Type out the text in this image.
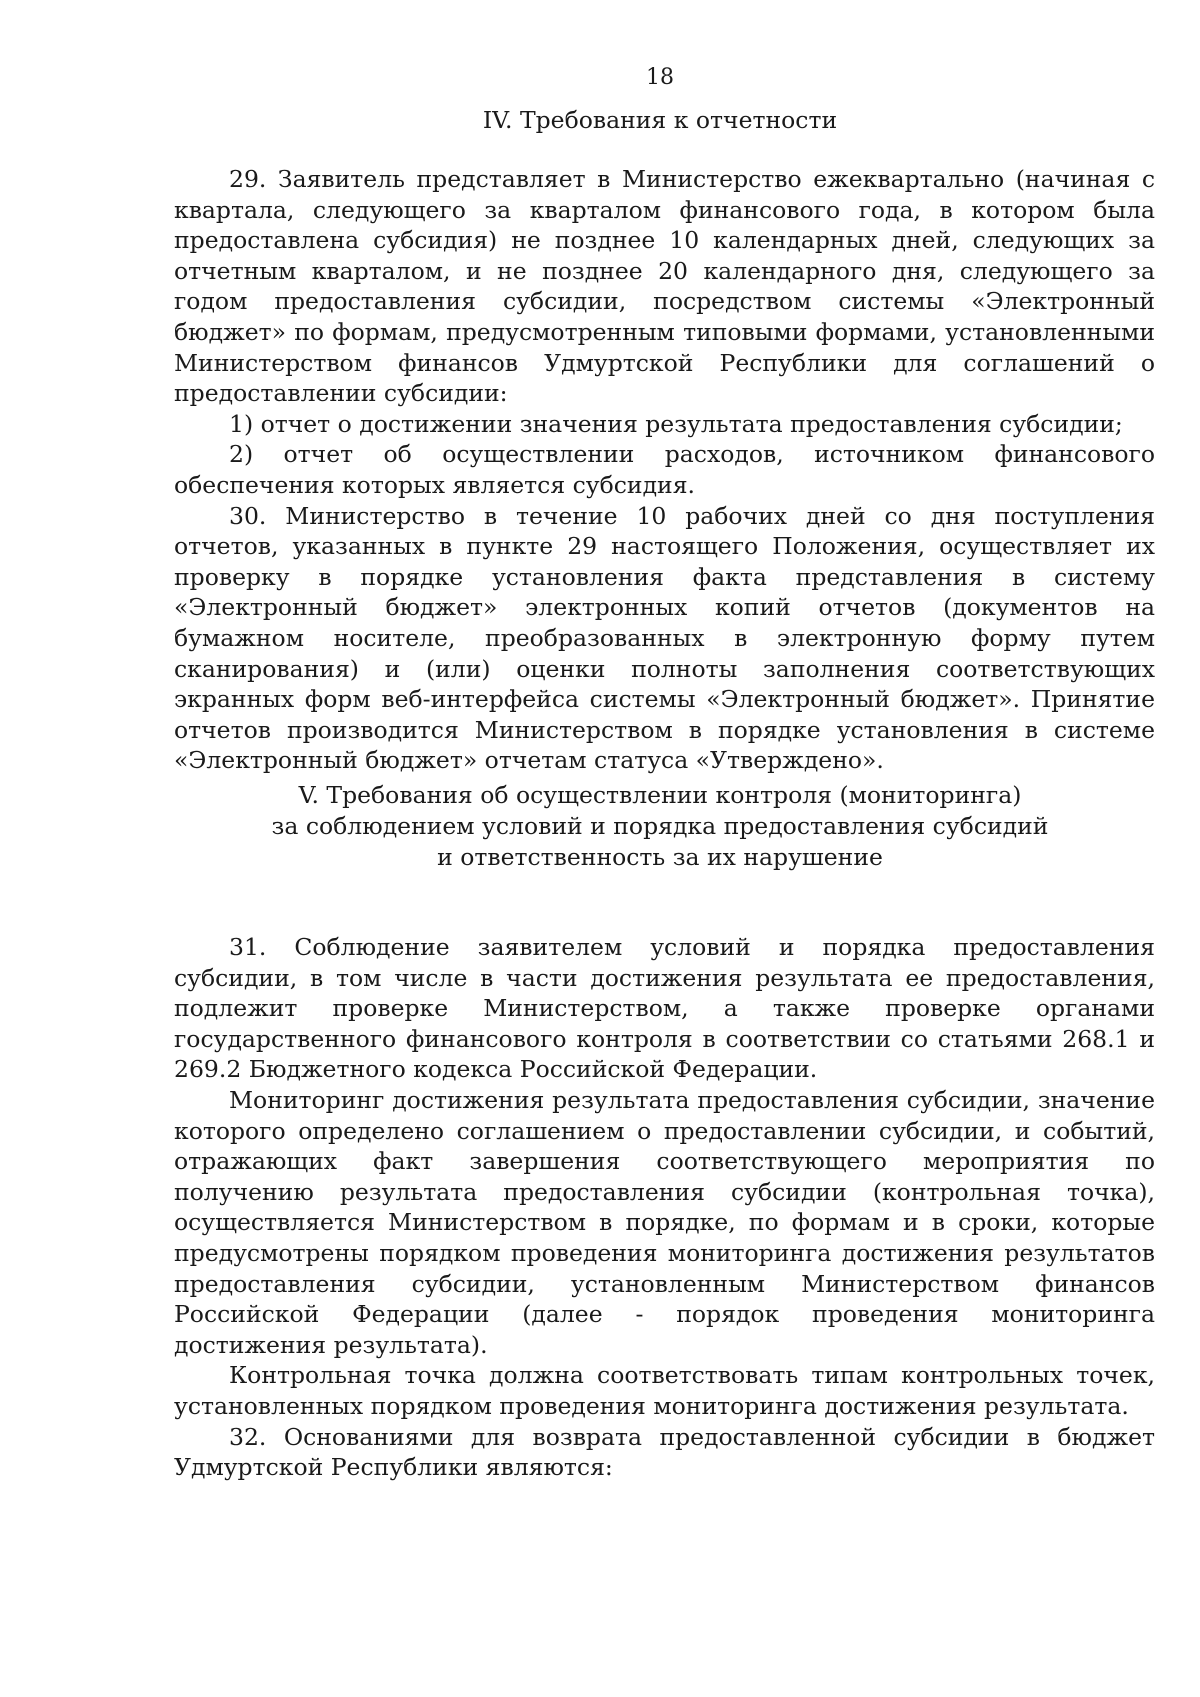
18
IV. Требования к отчетности

29. Заявитель представляет в Министерство ежеквартально (начиная с квартала, следующего за кварталом финансового года, в котором была предоставлена субсидия) не позднее 10 календарных дней, следующих за отчетным кварталом, и не позднее 20 календарного дня, следующего за годом предоставления субсидии, посредством системы «Электронный бюджет» по формам, предусмотренным типовыми формами, установленными Министерством финансов Удмуртской Республики для соглашений о предоставлении субсидии:

1) отчет о достижении значения результата предоставления субсидии;

2) отчет об осуществлении расходов, источником финансового обеспечения которых является субсидия.

30. Министерство в течение 10 рабочих дней со дня поступления отчетов, указанных в пункте 29 настоящего Положения, осуществляет их проверку в порядке установления факта представления в систему «Электронный бюджет» электронных копий отчетов (документов на бумажном носителе, преобразованных в электронную форму путем сканирования) и (или) оценки полноты заполнения соответствующих экранных форм веб-интерфейса системы «Электронный бюджет». Принятие отчетов производится Министерством в порядке установления в системе «Электронный бюджет» отчетам статуса «Утверждено».

V. Требования об осуществлении контроля (мониторинга)
за соблюдением условий и порядка предоставления субсидий
и ответственность за их нарушение

31. Соблюдение заявителем условий и порядка предоставления субсидии, в том числе в части достижения результата ее предоставления, подлежит проверке Министерством, а также проверке органами государственного финансового контроля в соответствии со статьями 268.1 и 269.2 Бюджетного кодекса Российской Федерации.

Мониторинг достижения результата предоставления субсидии, значение которого определено соглашением о предоставлении субсидии, и событий, отражающих факт завершения соответствующего мероприятия по получению результата предоставления субсидии (контрольная точка), осуществляется Министерством в порядке, по формам и в сроки, которые предусмотрены порядком проведения мониторинга достижения результатов предоставления субсидии, установленным Министерством финансов Российской Федерации (далее - порядок проведения мониторинга достижения результата).

Контрольная точка должна соответствовать типам контрольных точек, установленных порядком проведения мониторинга достижения результата.

32. Основаниями для возврата предоставленной субсидии в бюджет Удмуртской Республики являются:
